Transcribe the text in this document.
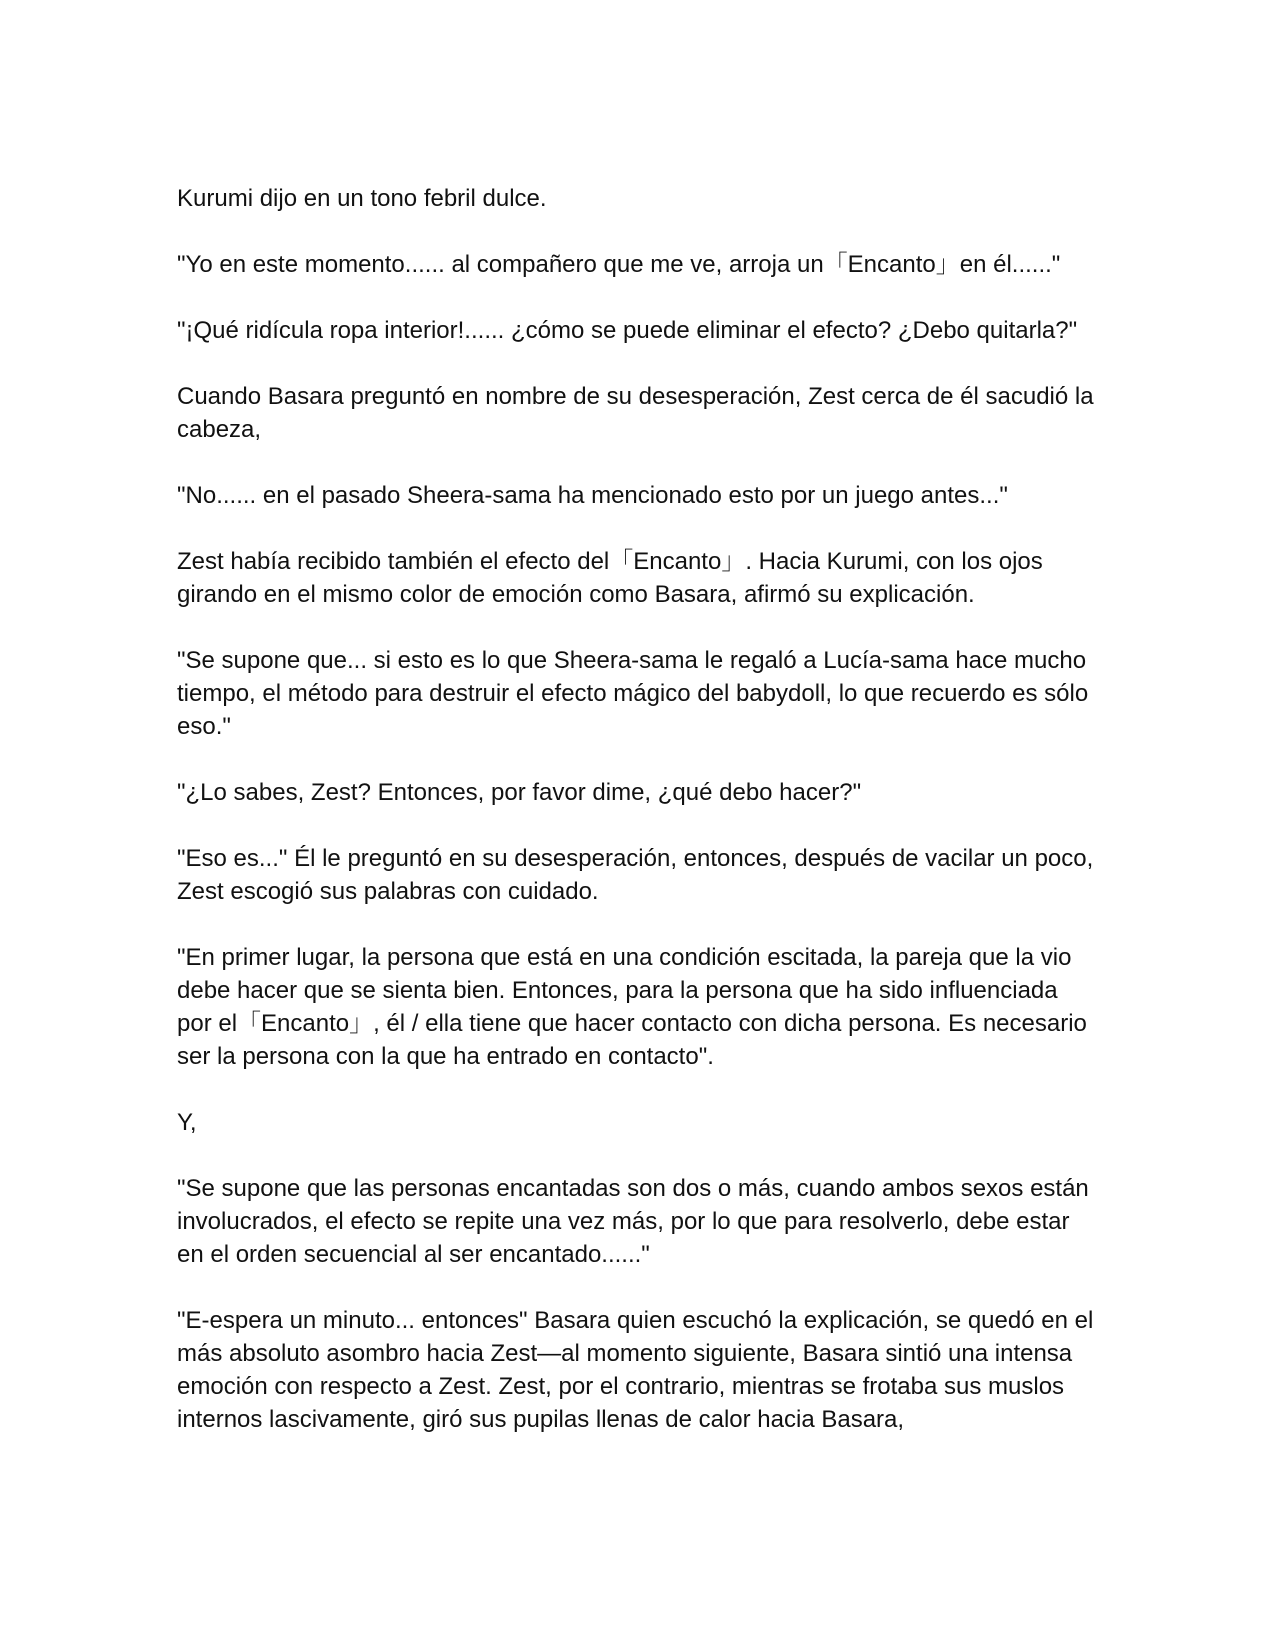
Kurumi dijo en un tono febril dulce.

"Yo en este momento...... al compañero que me ve, arroja un「Encanto」en él......"

"¡Qué ridícula ropa interior!...... ¿cómo se puede eliminar el efecto? ¿Debo quitarla?"

Cuando Basara preguntó en nombre de su desesperación, Zest cerca de él sacudió la cabeza,

"No...... en el pasado Sheera-sama ha mencionado esto por un juego antes..."

Zest había recibido también el efecto del「Encanto」. Hacia Kurumi, con los ojos girando en el mismo color de emoción como Basara, afirmó su explicación.

"Se supone que... si esto es lo que Sheera-sama le regaló a Lucía-sama hace mucho tiempo, el método para destruir el efecto mágico del babydoll, lo que recuerdo es sólo eso."

"¿Lo sabes, Zest? Entonces, por favor dime, ¿qué debo hacer?"

"Eso es..." Él le preguntó en su desesperación, entonces, después de vacilar un poco, Zest escogió sus palabras con cuidado.

"En primer lugar, la persona que está en una condición escitada, la pareja que la vio debe hacer que se sienta bien. Entonces, para la persona que ha sido influenciada por el「Encanto」, él / ella tiene que hacer contacto con dicha persona. Es necesario ser la persona con la que ha entrado en contacto".

Y,

"Se supone que las personas encantadas son dos o más, cuando ambos sexos están involucrados, el efecto se repite una vez más, por lo que para resolverlo, debe estar en el orden secuencial al ser encantado......"

"E-espera un minuto... entonces" Basara quien escuchó la explicación, se quedó en el más absoluto asombro hacia Zest—al momento siguiente, Basara sintió una intensa emoción con respecto a Zest. Zest, por el contrario, mientras se frotaba sus muslos internos lascivamente, giró sus pupilas llenas de calor hacia Basara,
